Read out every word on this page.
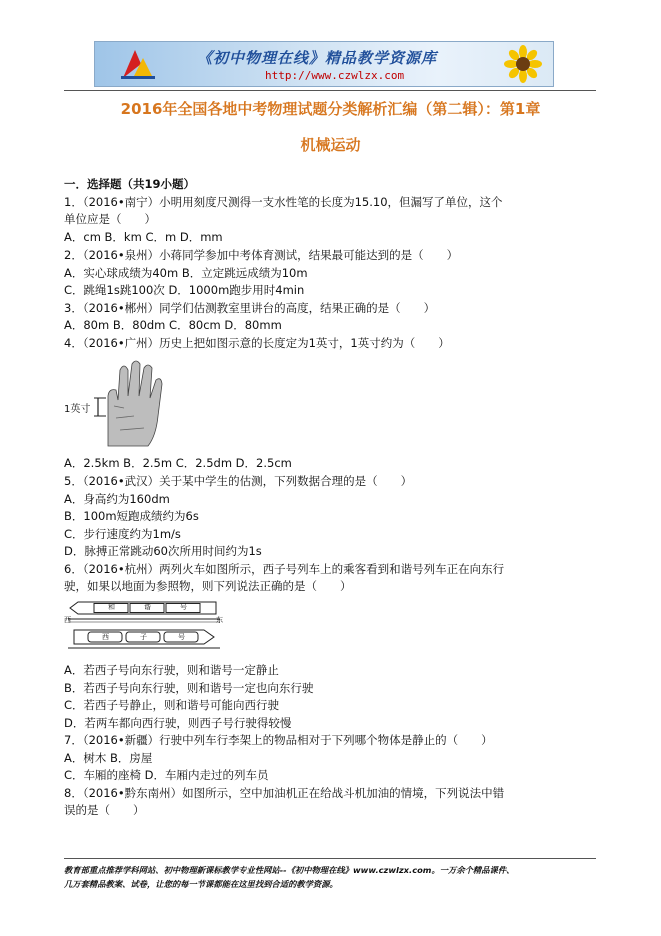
《初中物理在线》精品教学资源库
http://www.czwlzx.com
2016年全国各地中考物理试题分类解析汇编（第二辑）：第1章
机械运动
一．选择题（共19小题）
1．（2016•南宁）小明用刻度尺测得一支水性笔的长度为15.10，但漏写了单位，这个
单位应是（　　）
A．cm B．km C．m D．mm
2．（2016•泉州）小蒋同学参加中考体育测试，结果最可能达到的是（　　）
A．实心球成绩为40m B．立定跳远成绩为10m
C．跳绳1s跳100次 D．1000m跑步用时4min
3．（2016•郴州）同学们估测教室里讲台的高度，结果正确的是（　　）
A．80m B．80dm C．80cm D．80mm
4．（2016•广州）历史上把如图示意的长度定为1英寸，1英寸约为（　　）
1英寸
A．2.5km B．2.5m C．2.5dm D．2.5cm
5．（2016•武汉）关于某中学生的估测，下列数据合理的是（　　）
A．身高约为160dm
B．100m短跑成绩约为6s
C．步行速度约为1m/s
D．脉搏正常跳动60次所用时间约为1s
6．（2016•杭州）两列火车如图所示，西子号列车上的乘客看到和谐号列车正在向东行
驶，如果以地面为参照物，则下列说法正确的是（　　）
和	谐	号
西	子	号
西	东
A．若西子号向东行驶，则和谐号一定静止
B．若西子号向东行驶，则和谐号一定也向东行驶
C．若西子号静止，则和谐号可能向西行驶
D．若两车都向西行驶，则西子号行驶得较慢
7．（2016•新疆）行驶中列车行李架上的物品相对于下列哪个物体是静止的（　　）
A．树木 B．房屋
C．车厢的座椅 D．车厢内走过的列车员
8．（2016•黔东南州）如图所示，空中加油机正在给战斗机加油的情境，下列说法中错
误的是（　　）
教育部重点推荐学科网站、初中物理新课标教学专业性网站--《初中物理在线》www.czwlzx.com。一万余个精品课件、
几万套精品教案、试卷，让您的每一节课都能在这里找到合适的教学资源。
